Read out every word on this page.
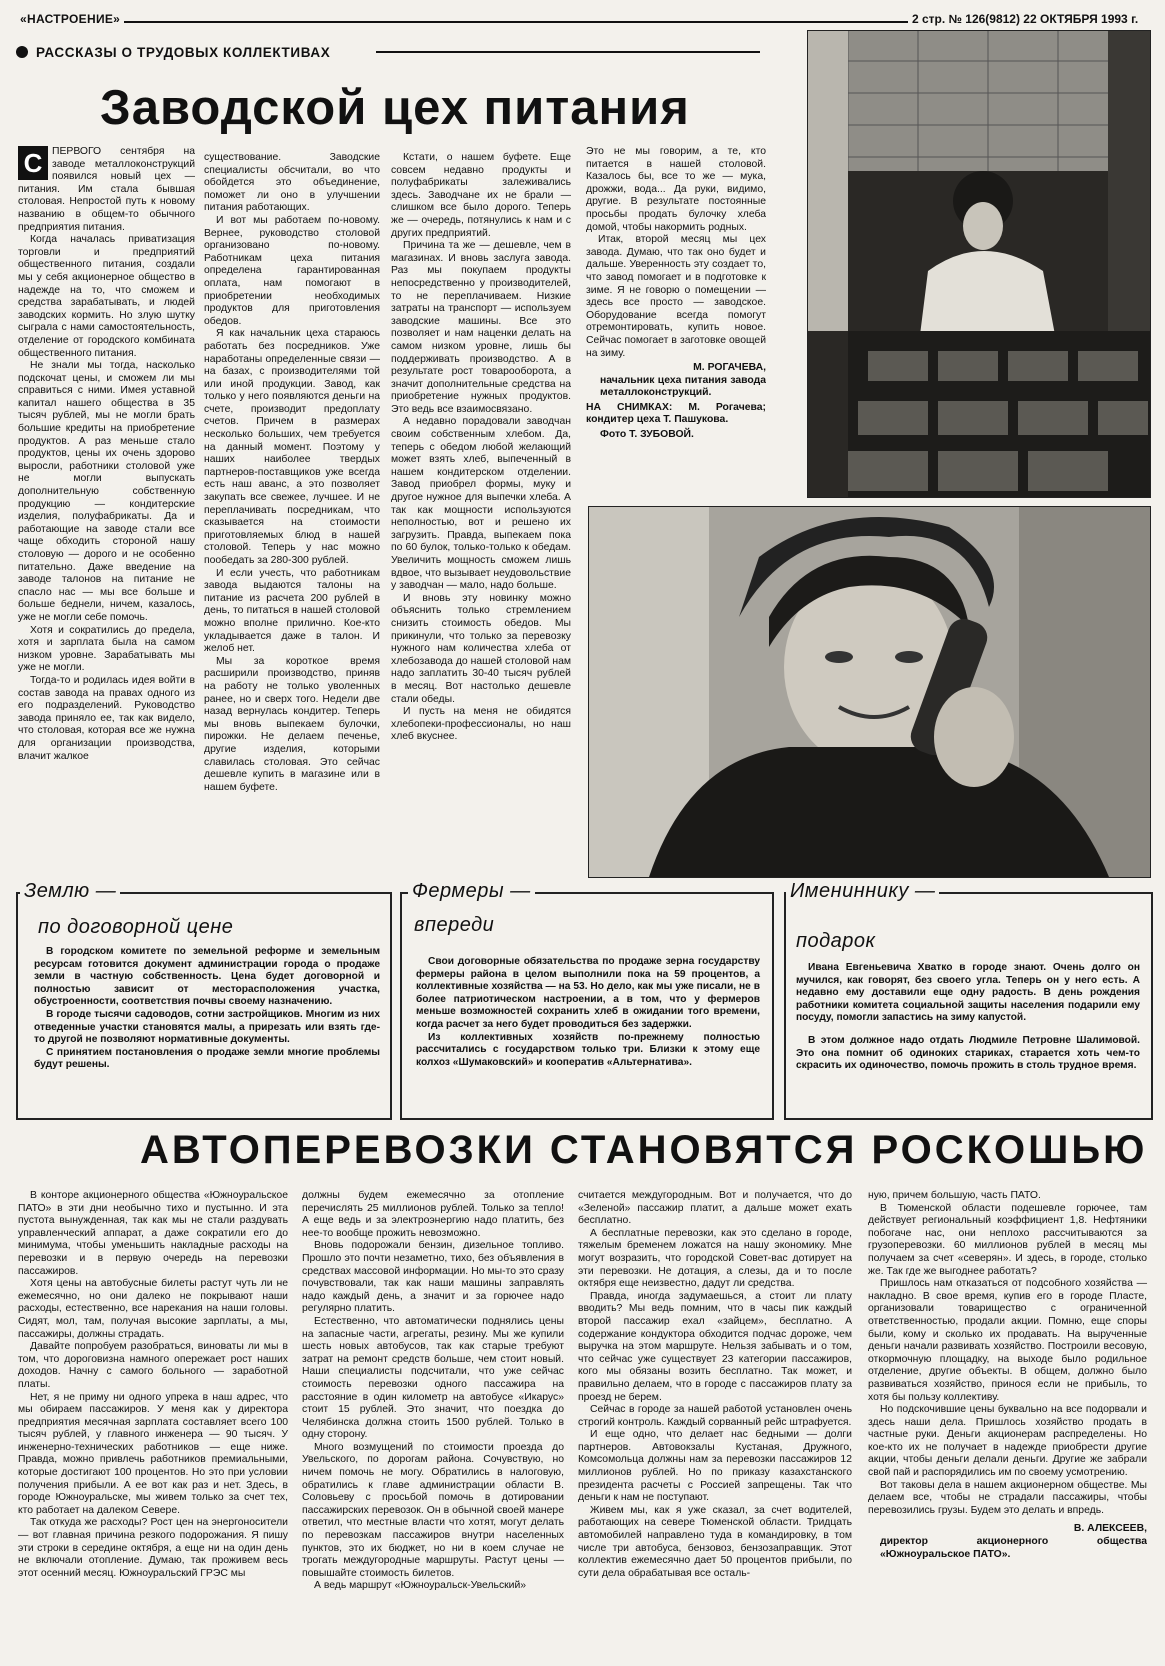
«НАСТРОЕНИЕ»	2 стр. № 126(9812) 22 ОКТЯБРЯ 1993 г.
РАССКАЗЫ О ТРУДОВЫХ КОЛЛЕКТИВАХ
Заводской цех питания
С ПЕРВОГО сентября на заводе металлоконструкций появился новый цех — питания. Им стала бывшая столовая. Непростой путь к новому названию в общем-то обычного предприятия питания.

Когда началась приватизация торговли и предприятий общественного питания, создали мы у себя акционерное общество в надежде на то, что сможем и средства зарабатывать, и людей заводских кормить. Но злую шутку сыграла с нами самостоятельность, отделение от городского комбината общественного питания.

Не знали мы тогда, насколько подскочат цены, и сможем ли мы справиться с ними. Имея уставной капитал нашего общества в 35 тысяч рублей, мы не могли брать большие кредиты на приобретение продуктов. А раз меньше стало продуктов, цены их очень здорово выросли, работники столовой уже не могли выпускать дополнительную собственную продукцию — кондитерские изделия, полуфабрикаты. Да и работающие на заводе стали все чаще обходить стороной нашу столовую — дорого и не особенно питательно. Даже введение на заводе талонов на питание не спасло нас — мы все больше и больше беднели, ничем, казалось, уже не могли себе помочь.

Хотя и сократились до предела, хотя и зарплата была на самом низком уровне. Зарабатывать мы уже не могли.

Тогда-то и родилась идея войти в состав завода на правах одного из его подразделений. Руководство завода приняло ее, так как видело, что столовая, которая все же нужна для организации производства, влачит жалкое

существование. Заводские специалисты обсчитали, во что обойдется это объединение, поможет ли оно в улучшении питания работающих.

И вот мы работаем по-новому. Вернее, руководство столовой организовано по-новому. Работникам цеха питания определена гарантированная оплата, нам помогают в приобретении необходимых продуктов для приготовления обедов.

Я как начальник цеха стараюсь работать без посредников. Уже наработаны определенные связи — на базах, с производителями той или иной продукции. Завод, как только у него появляются деньги на счете, производит предоплату счетов. Причем в размерах несколько больших, чем требуется на данный момент. Поэтому у наших наиболее твердых партнеров-поставщиков уже всегда есть наш аванс, а это позволяет закупать все свежее, лучшее. И не переплачивать посредникам, что сказывается на стоимости приготовляемых блюд в нашей столовой. Теперь у нас можно пообедать за 280-300 рублей.

И если учесть, что работникам завода выдаются талоны на питание из расчета 200 рублей в день, то питаться в нашей столовой можно вполне прилично. Кое-кто укладывается даже в талон. И желоб нет.

Мы за короткое время расширили производство, приняв на работу не только уволенных ранее, но и сверх того. Недели две назад вернулась кондитер. Теперь мы вновь выпекаем булочки, пирожки. Не делаем печенье, другие изделия, которыми славилась столовая. Это сейчас дешевле купить в магазине или в нашем буфете.

Кстати, о нашем буфете. Еще совсем недавно продукты и полуфабрикаты залеживались здесь. Заводчане их не брали — слишком все было дорого. Теперь же — очередь, потянулись к нам и с других предприятий.

Причина та же — дешевле, чем в магазинах. И вновь заслуга завода. Раз мы покупаем продукты непосредственно у производителей, то не переплачиваем. Низкие затраты на транспорт — используем заводские машины. Все это позволяет и нам наценки делать на самом низком уровне, лишь бы поддерживать производство. А в результате рост товарооборота, а значит дополнительные средства на приобретение нужных продуктов. Это ведь все взаимосвязано.

А недавно порадовали заводчан своим собственным хлебом. Да, теперь с обедом любой желающий может взять хлеб, выпеченный в нашем кондитерском отделении. Завод приобрел формы, муку и другое нужное для выпечки хлеба. А так как мощности используются неполностью, вот и решено их загрузить. Правда, выпекаем пока по 60 булок, только-только к обедам. Увеличить мощность сможем лишь вдвое, что вызывает неудовольствие у заводчан — мало, надо больше.

И вновь эту новинку можно объяснить только стремлением снизить стоимость обедов. Мы прикинули, что только за перевозку нужного нам количества хлеба от хлебозавода до нашей столовой нам надо заплатить 30-40 тысяч рублей в месяц. Вот настолько дешевле стали обеды.

И пусть на меня не обидятся хлебопеки-профессионалы, но наш хлеб вкуснее.

Это не мы говорим, а те, кто питается в нашей столовой. Казалось бы, все то же — мука, дрожжи, вода... Да руки, видимо, другие. В результате постоянные просьбы продать булочку хлеба домой, чтобы накормить родных.

Итак, второй месяц мы цех завода. Думаю, что так оно будет и дальше. Уверенность эту создает то, что завод помогает и в подготовке к зиме. Я не говорю о помещении — здесь все просто — заводское. Оборудование всегда помогут отремонтировать, купить новое. Сейчас помогает в заготовке овощей на зиму.

М. РОГАЧЕВА,
начальник цеха питания завода металлоконструкций.
НА СНИМКАХ: М. Рогачева; кондитер цеха Т. Пашукова.
Фото Т. ЗУБОВОЙ.
Землю —
по договорной цене

В городском комитете по земельной реформе и земельным ресурсам готовится документ администрации города о продаже земли в частную собственность. Цена будет договорной и полностью зависит от месторасположения участка, обустроенности, соответствия почвы своему назначению.

В городе тысячи садоводов, сотни застройщиков. Многим из них отведенные участки становятся малы, а прирезать или взять где-то другой не позволяют нормативные документы.

С принятием постановления о продаже земли многие проблемы будут решены.

Фермеры —
впереди

Свои договорные обязательства по продаже зерна государству фермеры района в целом выполнили пока на 59 процентов, а коллективные хозяйства — на 53. Но дело, как мы уже писали, не в более патриотическом настроении, а в том, что у фермеров меньше возможностей сохранить хлеб в ожидании того времени, когда расчет за него будет проводиться без задержки.

Из коллективных хозяйств по-прежнему полностью рассчитались с государством только три. Близки к этому еще колхоз «Шумаковский» и кооператив «Альтернатива».

Имениннику —
подарок

Ивана Евгеньевича Хватко в городе знают. Очень долго он мучился, как говорят, без своего угла. Теперь он у него есть. А недавно ему доставили еще одну радость. В день рождения работники комитета социальной защиты населения подарили ему посуду, помогли запастись на зиму капустой.

В этом должное надо отдать Людмиле Петровне Шалимовой. Это она помнит об одиноких стариках, старается хоть чем-то скрасить их одиночество, помочь прожить в столь трудное время.

АВТОПЕРЕВОЗКИ СТАНОВЯТСЯ РОСКОШЬЮ

В конторе акционерного общества «Южноуральское ПАТО» в эти дни необычно тихо и пустынно. И эта пустота вынужденная, так как мы не стали раздувать управленческий аппарат, а даже сократили его до минимума, чтобы уменьшить накладные расходы на перевозки и в первую очередь на перевозки пассажиров.

Хотя цены на автобусные билеты растут чуть ли не ежемесячно, но они далеко не покрывают наши расходы, естественно, все нарекания на наши головы. Сидят, мол, там, получая высокие зарплаты, а мы, пассажиры, должны страдать.

Давайте попробуем разобраться, виноваты ли мы в том, что дороговизна намного опережает рост наших доходов. Начну с самого больного — заработной платы.

Нет, я не приму ни одного упрека в наш адрес, что мы обираем пассажиров. У меня как у директора предприятия месячная зарплата составляет всего 100 тысяч рублей, у главного инженера — 90 тысяч. У инженерно-технических работников — еще ниже. Правда, можно привлечь работников премиальными, которые достигают 100 процентов. Но это при условии получения прибыли. А ее вот как раз и нет. Здесь, в городе Южноуральске, мы живем только за счет тех, кто работает на далеком Севере.

Так откуда же расходы? Рост цен на энергоносители — вот главная причина резкого подорожания. Я пишу эти строки в середине октября, а еще ни на один день не включали отопление. Думаю, так проживем весь этот осенний месяц. Южноуральский ГРЭС мы

должны будем ежемесячно за отопление перечислять 25 миллионов рублей. Только за тепло! А еще ведь и за электроэнергию надо платить, без нее-то вообще прожить невозможно.

Вновь подорожали бензин, дизельное топливо. Прошло это почти незаметно, тихо, без объявления в средствах массовой информации. Но мы-то это сразу почувствовали, так как наши машины заправлять надо каждый день, а значит и за горючее надо регулярно платить.

Естественно, что автоматически поднялись цены на запасные части, агрегаты, резину. Мы же купили шесть новых автобусов, так как старые требуют затрат на ремонт средств больше, чем стоит новый. Наши специалисты подсчитали, что уже сейчас стоимость перевозки одного пассажира на расстояние в один километр на автобусе «Икарус» стоит 15 рублей. Это значит, что поездка до Челябинска должна стоить 1500 рублей. Только в одну сторону.

Много возмущений по стоимости проезда до Увельского, по дорогам района. Сочувствую, но ничем помочь не могу. Обратились в налоговую, обратились к главе администрации области В. Соловьеву с просьбой помочь в дотировании пассажирских перевозок. Он в обычной своей манере ответил, что местные власти что хотят, могут делать по перевозкам пассажиров внутри населенных пунктов, это их бюджет, но ни в коем случае не трогать междугородные маршруты. Растут цены — повышайте стоимость билетов.

А ведь маршрут «Южноуральск-Увельский»

считается междугородным. Вот и получается, что до «Зеленой» пассажир платит, а дальше может ехать бесплатно.

А бесплатные перевозки, как это сделано в городе, тяжелым бременем ложатся на нашу экономику. Мне могут возразить, что городской Совет-вас дотирует на эти перевозки. Не дотация, а слезы, да и то после октября еще неизвестно, дадут ли средства.

Правда, иногда задумаешься, а стоит ли плату вводить? Мы ведь помним, что в часы пик каждый второй пассажир ехал «зайцем», бесплатно. А содержание кондуктора обходится подчас дороже, чем выручка на этом маршруте. Нельзя забывать и о том, что сейчас уже существует 23 категории пассажиров, кого мы обязаны возить бесплатно. Так может, и правильно делаем, что в городе с пассажиров плату за проезд не берем.

Сейчас в городе за нашей работой установлен очень строгий контроль. Каждый сорванный рейс штрафуется.

И еще одно, что делает нас бедными — долги партнеров. Автовокзалы Кустаная, Дружного, Комсомольца должны нам за перевозки пассажиров 12 миллионов рублей. Но по приказу казахстанского президента расчеты с Россией запрещены. Так что деньги к нам не поступают.

Живем мы, как я уже сказал, за счет водителей, работающих на севере Тюменской области. Тридцать автомобилей направлено туда в командировку, в том числе три автобуса, бензовоз, бензозаправщик. Этот коллектив ежемесячно дает 50 процентов прибыли, по сути дела обрабатывая все осталь-

ную, причем большую, часть ПАТО.

В Тюменской области подешевле горючее, там действует региональный коэффициент 1,8. Нефтяники побогаче нас, они неплохо рассчитываются за грузоперевозки. 60 миллионов рублей в месяц мы получаем за счет «северян». И здесь, в городе, столько же. Так где же выгоднее работать?

Пришлось нам отказаться от подсобного хозяйства — накладно. В свое время, купив его в городе Пласте, организовали товарищество с ограниченной ответственностью, продали акции. Помню, еще споры были, кому и сколько их продавать. На вырученные деньги начали развивать хозяйство. Построили весовую, откормочную площадку, на выходе было родильное отделение, другие объекты. В общем, должно было развиваться хозяйство, принося если не прибыль, то хотя бы пользу коллективу.

Но подскочившие цены буквально на все подорвали и здесь наши дела. Пришлось хозяйство продать в частные руки. Деньги акционерам распределены. Но кое-кто их не получает в надежде приобрести другие акции, чтобы деньги делали деньги. Другие же забрали свой пай и распорядились им по своему усмотрению.

Вот таковы дела в нашем акционерном обществе. Мы делаем все, чтобы не страдали пассажиры, чтобы перевозились грузы. Будем это делать и впредь.

В. АЛЕКСЕЕВ,
директор акционерного общества «Южноуральское ПАТО».
